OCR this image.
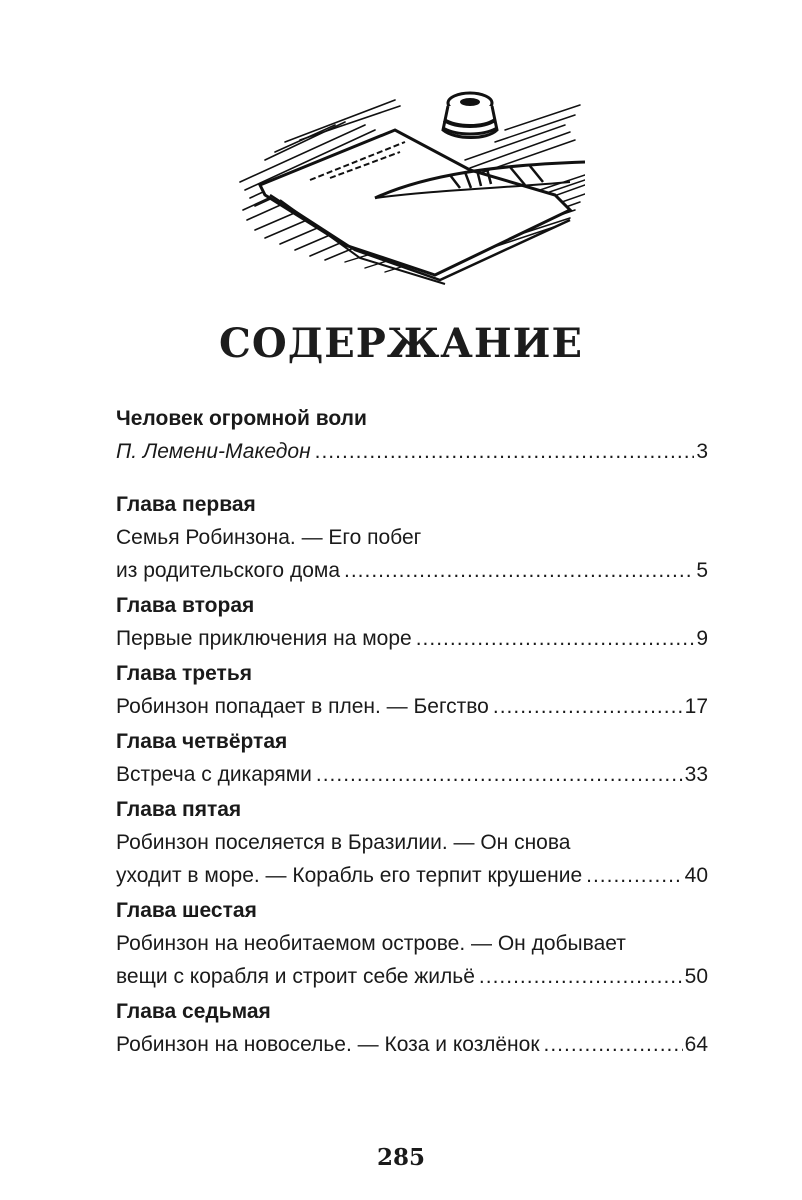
СОДЕРЖАНИЕ
Человек огромной воли
П. Лемени-Македон .....	3
Глава первая
Семья Робинзона. — Его побег
из родительского дома .....	5
Глава вторая
Первые приключения на море .....	9
Глава третья
Робинзон попадает в плен. — Бегство .....	17
Глава четвёртая
Встреча с дикарями .....	33
Глава пятая
Робинзон поселяется в Бразилии. — Он снова
уходит в море. — Корабль его терпит крушение .....	40
Глава шестая
Робинзон на необитаемом острове. — Он добывает
вещи с корабля и строит себе жильё .....	50
Глава седьмая
Робинзон на новоселье. — Коза и козлёнок .....	64
285
